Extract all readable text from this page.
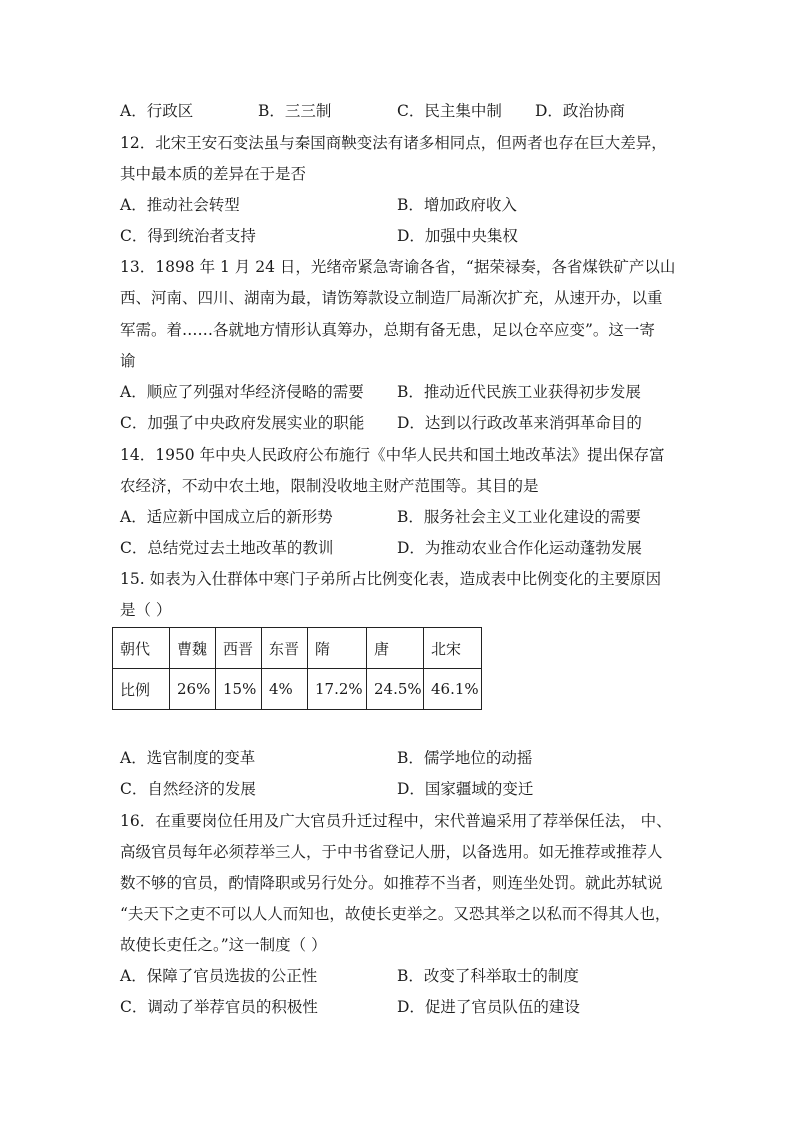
A．行政区	B．三三制	C．民主集中制 D．政治协商
12．北宋王安石变法虽与秦国商鞅变法有诸多相同点，但两者也存在巨大差异，
其中最本质的差异在于是否
A．推动社会转型	B．增加政府收入
C．得到统治者支持	D．加强中央集权
13．1898 年 1 月 24 日，光绪帝紧急寄谕各省，“据荣禄奏，各省煤铁矿产以山
西、河南、四川、湖南为最，请饬筹款设立制造厂局渐次扩充，从速开办，以重
军需。着……各就地方情形认真筹办，总期有备无患，足以仓卒应变”。这一寄
谕
A．顺应了列强对华经济侵略的需要 B．推动近代民族工业获得初步发展
C．加强了中央政府发展实业的职能 D．达到以行政改革来消弭革命目的
14．1950 年中央人民政府公布施行《中华人民共和国土地改革法》提出保存富
农经济，不动中农土地，限制没收地主财产范围等。其目的是
A．适应新中国成立后的新形势	B．服务社会主义工业化建设的需要
C．总结党过去土地改革的教训	D．为推动农业合作化运动蓬勃发展
15. 如表为入仕群体中寒门子弟所占比例变化表，造成表中比例变化的主要原因
是（ ）
朝代	曹魏	西晋	东晋	隋	唐	北宋
比例	26%	15%	4%	17.2%	24.5%	46.1%
A．选官制度的变革	B．儒学地位的动摇
C．自然经济的发展	D．国家疆域的变迁
16．在重要岗位任用及广大官员升迁过程中，宋代普遍采用了荐举保任法， 中、
高级官员每年必须荐举三人，于中书省登记人册，以备选用。如无推荐或推荐人
数不够的官员，酌情降职或另行处分。如推荐不当者，则连坐处罚。就此苏轼说
“夫天下之吏不可以人人而知也，故使长吏举之。又恐其举之以私而不得其人也，
故使长吏任之。”这一制度（ ）
A．保障了官员选拔的公正性	B．改变了科举取士的制度
C．调动了举荐官员的积极性	D．促进了官员队伍的建设
